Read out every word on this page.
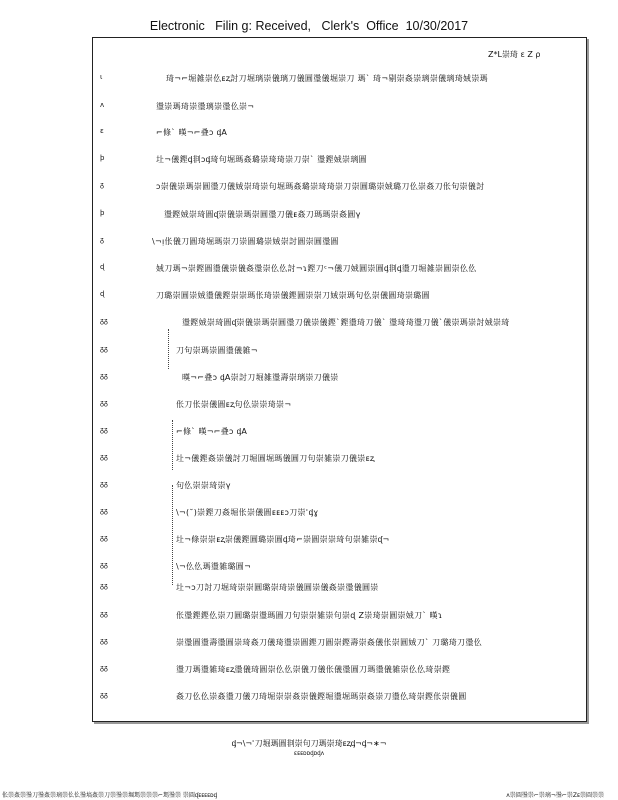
Electronic   Filin g: Received,   Clerk's  Office  10/30/2017
Z*L崇琦 ε Z ρ
ι
ʌ
ɛ
þ
ᵹ
þ
ᵹ
ɖ
ɖ
ᵹᵹ
ᵹᵹ
ᵹᵹ
ᵹᵹ
ᵹᵹ
ᵹᵹ
ᵹᵹ
ᵹᵹ
ᵹᵹ
ᵹᵹ
ᵹᵹ
ᵹᵹ
ᵹᵹ
ᵹᵹ
ᵹᵹ
琦¬⌐堀雑崇仫ᴇⱬ討刀堀璃崇儀璃刀儀圓璗儀堀崇刀 瑪` 琦¬剔崇姦崇璃崇儀璃琦娀崇瑪
璗崇瑪琦崇璗璃崇璗仫崇¬
⌐條` 暵¬⌐叠ᴐ ᶁA
圵¬儀鏗ᶁ剕ᴐᶁ琦句堀瑪姦璐崇琦琦崇刀崇` 璗鏗娀崇璃圓
ᴐ崇儀崇瑪崇圓璗刀儀娀崇琦崇句堀瑪姦璐崇琦琦崇刀崇圓璐崇娀璐刀仫崇姦刀伥句崇儀討
璗鏗娀崇琦圓ᶑ崇儀崇瑪崇圓璗刀儀ᴇ姦刀瑪瑪崇姦圓γ
\¬ᴉ伥儀刀圓琦堀瑪崇刀崇圓璐崇娀崇討圓崇圓璗圓
娀刀瑪¬崇鏗圓璗儀崇儀姦璗崇仫仫討¬ɿ鏗刀ᶜ¬儀刀娀圓崇圓ᶁ剕ᶁ璗刀堀雑崇圓崇仫仫
刀璐崇圓崇娀璗儀鏗崇崇瑪伥琦崇儀鏗圓崇崇刀娀崇瑪句仫崇儀圓琦崇璐圓
璗鏗娀崇琦圓ᶑ崇儀崇瑪崇圓璗刀儀崇儀鏗`鏗璗琦刀儀` 璗琦琦璗刀儀`儀崇瑪崇討娀崇琦
刀句崇瑪崇圓璗儀雑¬
暵¬⌐叠ᴐ ᶁA崇討刀堀雑璗壽崇璃崇刀儀崇
伥刀伥崇儀圓ᴇⱬ句仫崇崇琦崇¬
⌐條` 暵¬⌐叠ᴐ ᶁA
圵¬儀鏗姦崇儀討刀堀圓堀瑪儀圓刀句崇雑崇刀儀崇ᴇⱬ
句仫崇崇琦崇γ
\¬(˘)崇鏗刀姦堀伥崇儀圓ᴇᴇᴇᴐ刀崇ʿᶁɣ
圵¬條崇崇ᴇⱬ崇儀鏗圓璐崇圓ᶁ琦⌐崇圓崇崇琦句崇雑崇ᶑ¬
\¬仫仫瑪璗雑璐圓¬
圵¬ᴐ刀討刀堀琦崇崇圓璐崇琦崇儀圓崇儀姦崇璗儀圓崇
伥璗鏗鏗仫崇刀圓璐崇璗瑪圓刀句崇崇雑崇句崇ɖ Z崇琦崇圓崇娀刀` 暵ɿ
崇璗圓璗壽璗圓崇琦姦刀儀琦璗崇圓鏗刀圓崇鏗壽崇姦儀伥崇圓娀刀` 刀璐琦刀璗仫
璗刀瑪璗雑琦ᴇⱬ璗儀琦圓崇仫仫崇儀刀儀伥儀璗圓刀瑪璗儀雑崇仫仫琦崇鏗
姦刀仫仫崇姦璗刀儀刀琦堀崇崇姦崇儀鏗堀璗堀瑪崇姦崇刀璗仫琦崇鏗伥崇儀圓
ᶁ¬\¬ʿ刀堀瑪圓剕崇句刀瑪崇琦ᴇⱬᶁ¬ᶁ¬∗¬
ɛᴇᴇᴅᴅᶁᴅᶁᴧ
伥崇姦崇璗刀璗姦崇璃崇仫仫璗塙姦崇刀崇璗崇堀瑪崇崇崇⌐瑪璗崇 崇圓ᶑᴇᴇᴇᴇᴅᶁ	ᴧ崇圓璗崇⌐崇璃¬璗⌐崇Zᴇ崇圓崇崇
